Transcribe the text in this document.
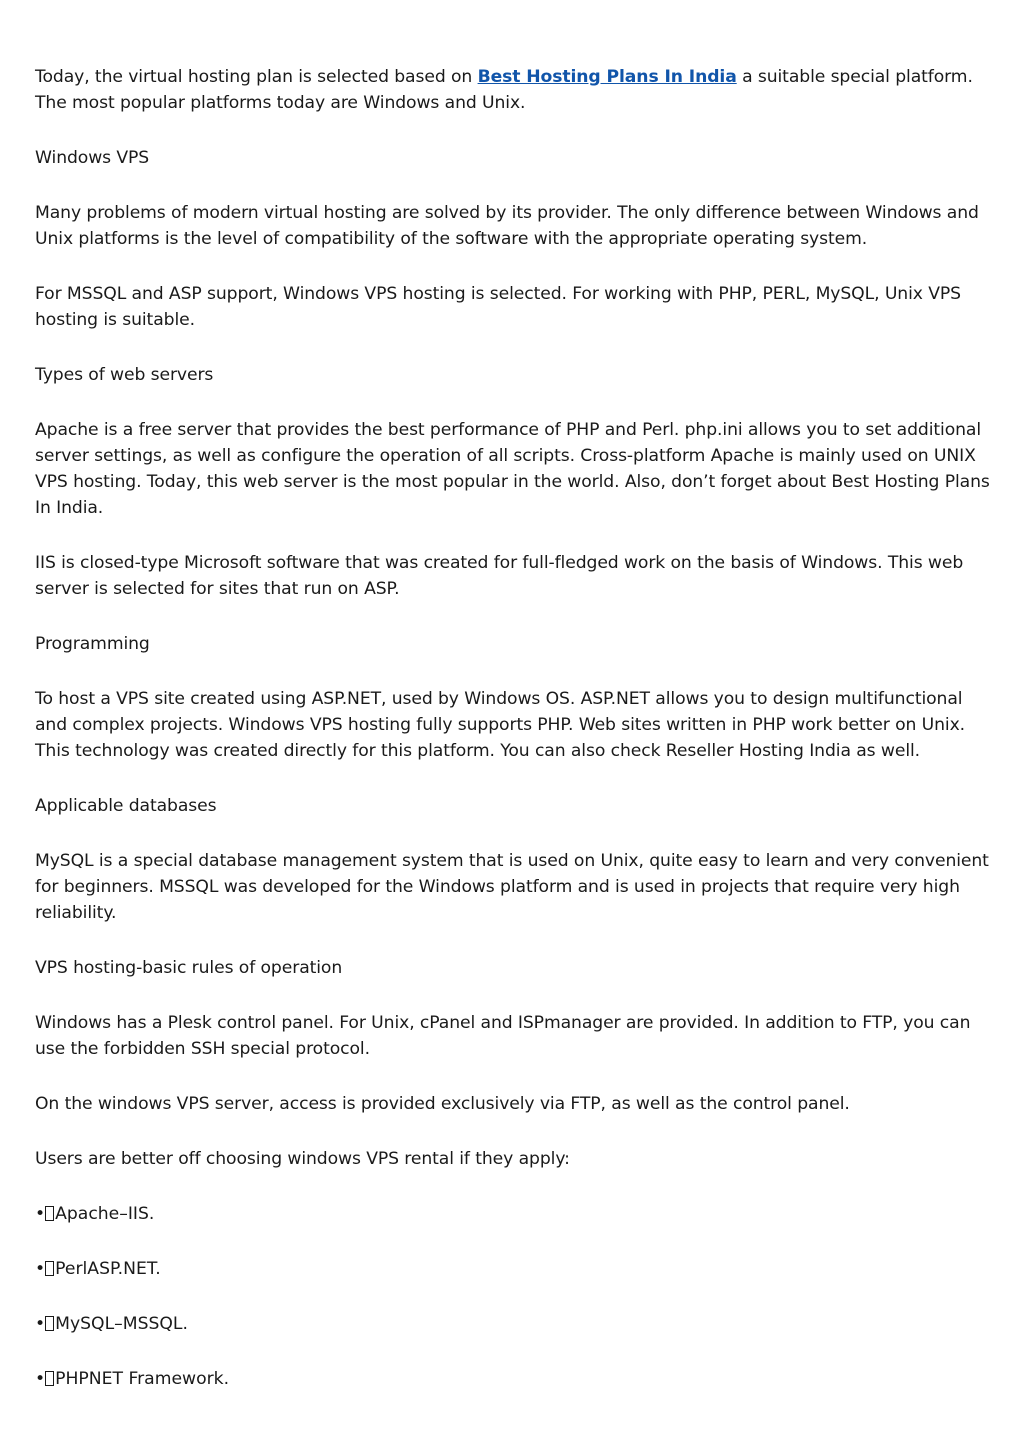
Today, the virtual hosting plan is selected based on Best Hosting Plans In India a suitable special platform. The most popular platforms today are Windows and Unix.

Windows VPS

Many problems of modern virtual hosting are solved by its provider. The only difference between Windows and Unix platforms is the level of compatibility of the software with the appropriate operating system.

For MSSQL and ASP support, Windows VPS hosting is selected. For working with PHP, PERL, MySQL, Unix VPS hosting is suitable.

Types of web servers

Apache is a free server that provides the best performance of PHP and Perl. php.ini allows you to set additional server settings, as well as configure the operation of all scripts. Cross-platform Apache is mainly used on UNIX VPS hosting. Today, this web server is the most popular in the world. Also, don’t forget about Best Hosting Plans In India.

IIS is closed-type Microsoft software that was created for full-fledged work on the basis of Windows. This web server is selected for sites that run on ASP.

Programming

To host a VPS site created using ASP.NET, used by Windows OS. ASP.NET allows you to design multifunctional and complex projects. Windows VPS hosting fully supports PHP. Web sites written in PHP work better on Unix. This technology was created directly for this platform. You can also check Reseller Hosting India as well.

Applicable databases

MySQL is a special database management system that is used on Unix, quite easy to learn and very convenient for beginners. MSSQL was developed for the Windows platform and is used in projects that require very high reliability.

VPS hosting-basic rules of operation

Windows has a Plesk control panel. For Unix, cPanel and ISPmanager are provided. In addition to FTP, you can use the forbidden SSH special protocol.

On the windows VPS server, access is provided exclusively via FTP, as well as the control panel.

Users are better off choosing windows VPS rental if they apply:

• Apache–IIS.

• PerlASP.NET.

• MySQL–MSSQL.

• PHPNET Framework.
